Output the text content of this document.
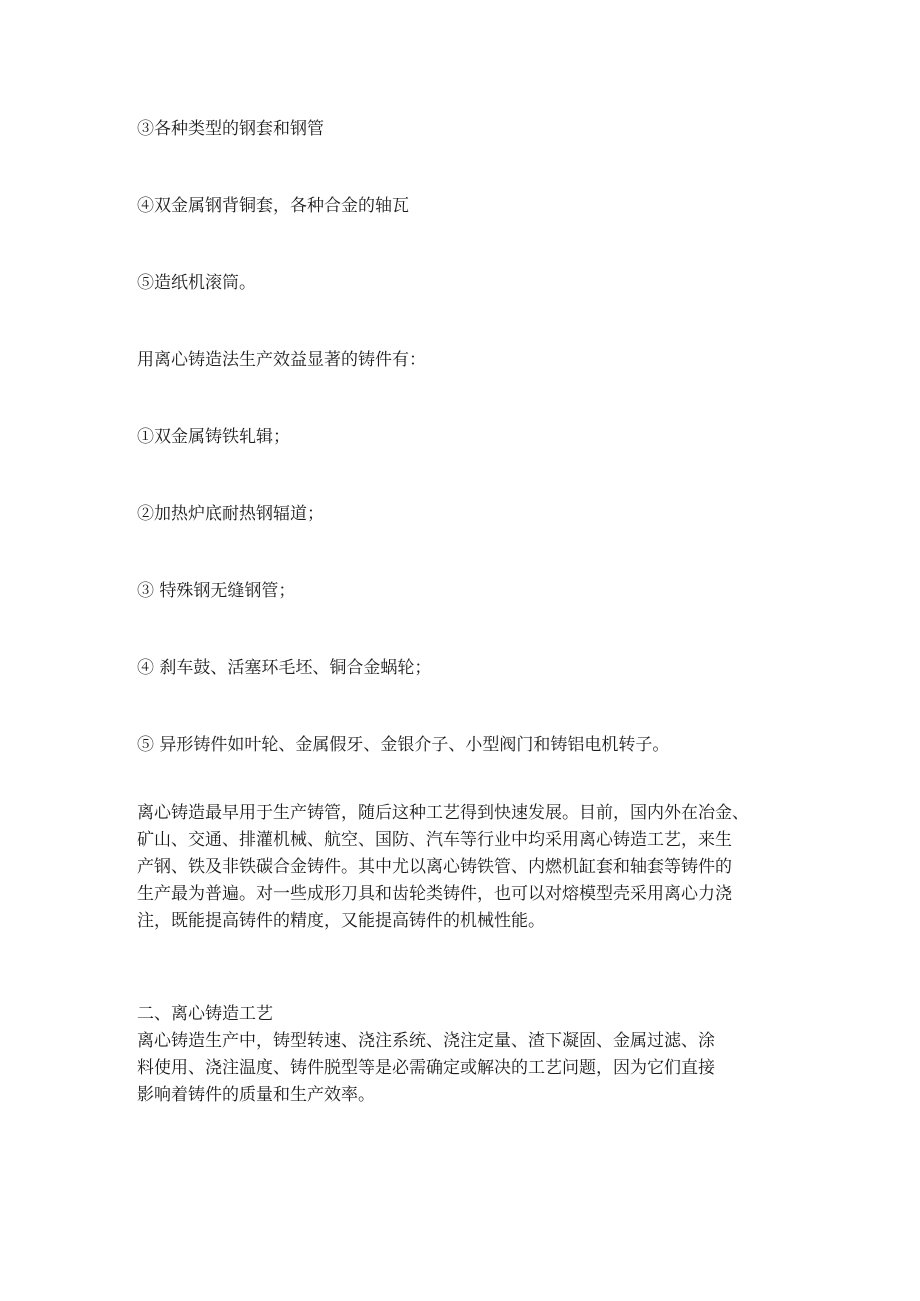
③各种类型的钢套和钢管

④双金属钢背铜套，各种合金的轴瓦

⑤造纸机滚筒。

用离心铸造法生产效益显著的铸件有：

①双金属铸铁轧辑；

②加热炉底耐热钢辐道；

③ 特殊钢无缝钢管；

④ 刹车鼓、活塞环毛坯、铜合金蜗轮；

⑤ 异形铸件如叶轮、金属假牙、金银介子、小型阀门和铸铝电机转子。

离心铸造最早用于生产铸管，随后这种工艺得到快速发展。目前，国内外在冶金、
矿山、交通、排灌机械、航空、国防、汽车等行业中均采用离心铸造工艺，来生
产钢、铁及非铁碳合金铸件。其中尤以离心铸铁管、内燃机缸套和轴套等铸件的
生产最为普遍。对一些成形刀具和齿轮类铸件，也可以对熔模型壳采用离心力浇
注，既能提高铸件的精度，又能提高铸件的机械性能。
二、离心铸造工艺
离心铸造生产中，铸型转速、浇注系统、浇注定量、渣下凝固、金属过滤、涂
料使用、浇注温度、铸件脱型等是必需确定或解决的工艺问题，因为它们直接
影响着铸件的质量和生产效率。
